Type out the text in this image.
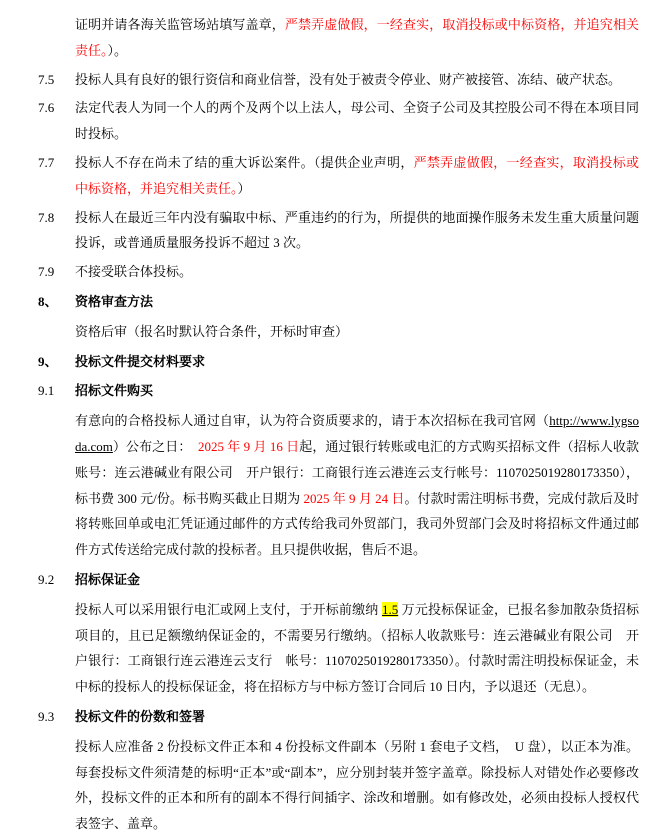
证明并请各海关监管场站填写盖章，严禁弄虚做假，一经查实，取消投标或中标资格，并追究相关责任。）。
7.5	投标人具有良好的银行资信和商业信誉，没有处于被责令停业、财产被接管、冻结、破产状态。
7.6	法定代表人为同一个人的两个及两个以上法人，母公司、全资子公司及其控股公司不得在本项目同时投标。
7.7	投标人不存在尚未了结的重大诉讼案件。（提供企业声明，严禁弄虚做假，一经查实，取消投标或中标资格，并追究相关责任。）
7.8	投标人在最近三年内没有骗取中标、严重违约的行为，所提供的地面操作服务未发生重大质量问题投诉，或普通质量服务投诉不超过 3 次。
7.9	不接受联合体投标。
8、	资格审查方法
资格后审（报名时默认符合条件，开标时审查）
9、	投标文件提交材料要求
9.1	招标文件购买
有意向的合格投标人通过自审，认为符合资质要求的，请于本次招标在我司官网（http://www.lygsoda.com）公布之日：　2025 年 9 月 16 日起，通过银行转账或电汇的方式购买招标文件（招标人收款账号：连云港碱业有限公司　开户银行：工商银行连云港连云支行帐号：1107025019280173350），标书费 300 元/份。标书购买截止日期为 2025 年 9 月 24 日。付款时需注明标书费，完成付款后及时将转账回单或电汇凭证通过邮件的方式传给我司外贸部门，我司外贸部门会及时将招标文件通过邮件方式传送给完成付款的投标者。且只提供收据，售后不退。
9.2	招标保证金
投标人可以采用银行电汇或网上支付，于开标前缴纳 1.5 万元投标保证金，已报名参加散杂货招标项目的，且已足额缴纳保证金的，不需要另行缴纳。（招标人收款账号：连云港碱业有限公司　开户银行：工商银行连云港连云支行　帐号：1107025019280173350）。付款时需注明投标保证金，未中标的投标人的投标保证金，将在招标方与中标方签订合同后 10 日内，予以退还（无息）。
9.3	投标文件的份数和签署
投标人应准备 2 份投标文件正本和 4 份投标文件副本（另附 1 套电子文档，　U 盘），以正本为准。每套投标文件须清楚的标明“正本”或“副本”，应分别封装并签字盖章。除投标人对错处作必要修改外，投标文件的正本和所有的副本不得行间插字、涂改和增删。如有修改处，必须由投标人授权代表签字、盖章。
